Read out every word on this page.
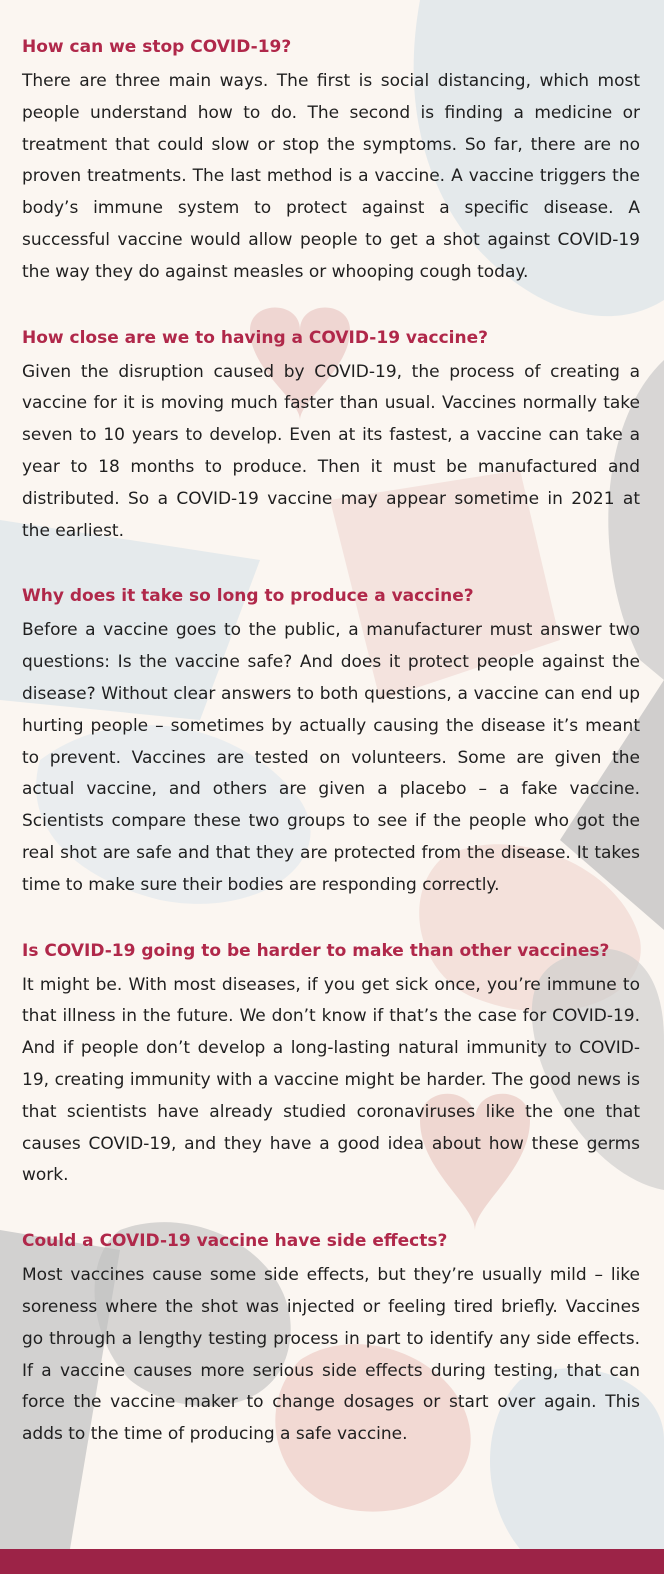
How can we stop COVID-19?

There are three main ways. The first is social distancing, which most people understand how to do. The second is finding a medicine or treatment that could slow or stop the symptoms. So far, there are no proven treatments. The last method is a vaccine. A vaccine triggers the body’s immune system to protect against a specific disease. A successful vaccine would allow people to get a shot against COVID-19 the way they do against measles or whooping cough today.

How close are we to having a COVID-19 vaccine?

Given the disruption caused by COVID-19, the process of creating a vaccine for it is moving much faster than usual. Vaccines normally take seven to 10 years to develop. Even at its fastest, a vaccine can take a year to 18 months to produce. Then it must be manufactured and distributed. So a COVID-19 vaccine may appear sometime in 2021 at the earliest.

Why does it take so long to produce a vaccine?

Before a vaccine goes to the public, a manufacturer must answer two questions: Is the vaccine safe? And does it protect people against the disease? Without clear answers to both questions, a vaccine can end up hurting people – sometimes by actually causing the disease it’s meant to prevent. Vaccines are tested on volunteers. Some are given the actual vaccine, and others are given a placebo – a fake vaccine. Scientists compare these two groups to see if the people who got the real shot are safe and that they are protected from the disease. It takes time to make sure their bodies are responding correctly.

Is COVID-19 going to be harder to make than other vaccines?

It might be. With most diseases, if you get sick once, you’re immune to that illness in the future. We don’t know if that’s the case for COVID-19. And if people don’t develop a long-lasting natural immunity to COVID-19, creating immunity with a vaccine might be harder. The good news is that scientists have already studied coronaviruses like the one that causes COVID-19, and they have a good idea about how these germs work.

Could a COVID-19 vaccine have side effects?

Most vaccines cause some side effects, but they’re usually mild – like soreness where the shot was injected or feeling tired briefly. Vaccines go through a lengthy testing process in part to identify any side effects. If a vaccine causes more serious side effects during testing, that can force the vaccine maker to change dosages or start over again. This adds to the time of producing a safe vaccine.
